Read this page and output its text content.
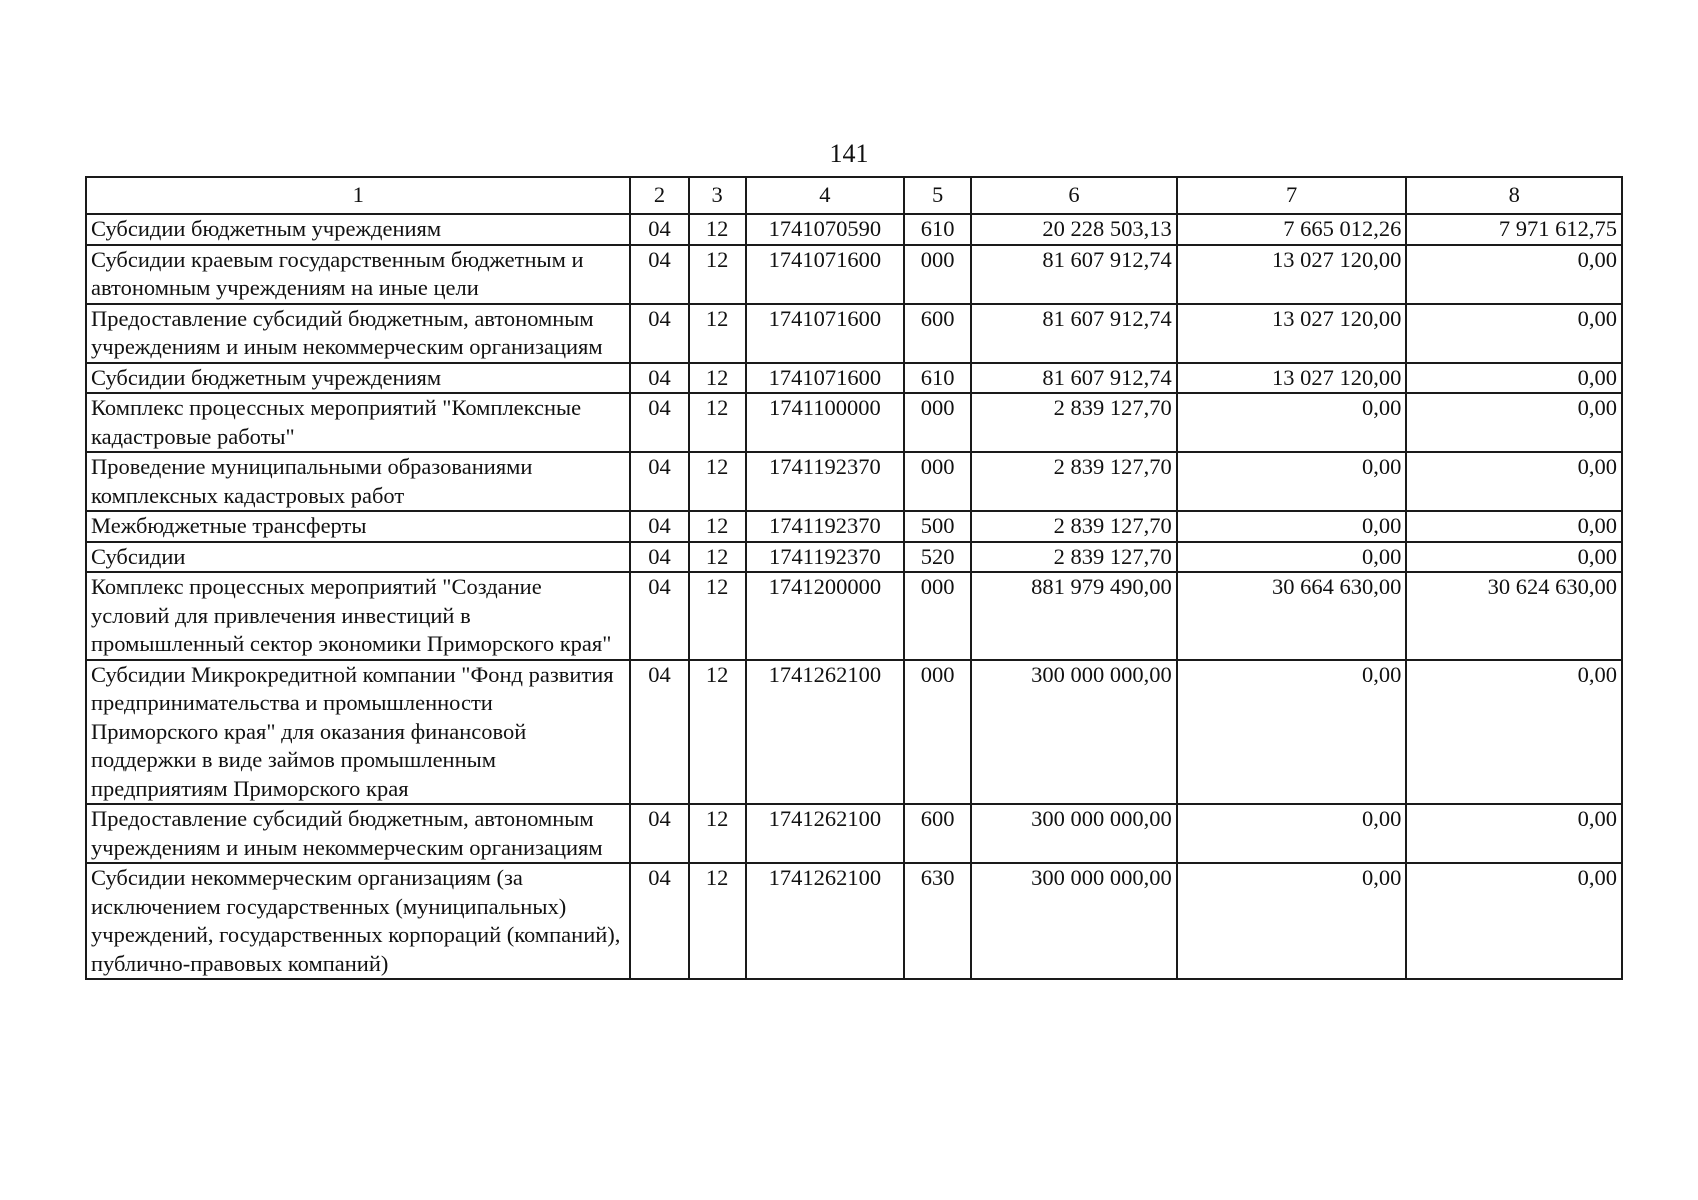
141
1	2	3	4	5	6	7	8
Субсидии бюджетным учреждениям	04	12	1741070590	610	20 228 503,13	7 665 012,26	7 971 612,75

Субсидии краевым государственным бюджетным и автономным учреждениям на иные цели	04	12	1741071600	000	81 607 912,74	13 027 120,00	0,00

Предоставление субсидий бюджетным, автономным учреждениям и иным некоммерческим организациям	04	12	1741071600	600	81 607 912,74	13 027 120,00	0,00

Субсидии бюджетным учреждениям	04	12	1741071600	610	81 607 912,74	13 027 120,00	0,00

Комплекс процессных мероприятий "Комплексные кадастровые работы"	04	12	1741100000	000	2 839 127,70	0,00	0,00

Проведение муниципальными образованиями комплексных кадастровых работ	04	12	1741192370	000	2 839 127,70	0,00	0,00

Межбюджетные трансферты	04	12	1741192370	500	2 839 127,70	0,00	0,00

Субсидии	04	12	1741192370	520	2 839 127,70	0,00	0,00

Комплекс процессных мероприятий "Создание условий для привлечения инвестиций в промышленный сектор экономики Приморского края"	04	12	1741200000	000	881 979 490,00	30 664 630,00	30 624 630,00

Субсидии Микрокредитной компании "Фонд развития предпринимательства и промышленности Приморского края" для оказания финансовой поддержки в виде займов промышленным предприятиям Приморского края	04	12	1741262100	000	300 000 000,00	0,00	0,00

Предоставление субсидий бюджетным, автономным учреждениям и иным некоммерческим организациям	04	12	1741262100	600	300 000 000,00	0,00	0,00

Субсидии некоммерческим организациям (за исключением государственных (муниципальных) учреждений, государственных корпораций (компаний), публично-правовых компаний)	04	12	1741262100	630	300 000 000,00	0,00	0,00
